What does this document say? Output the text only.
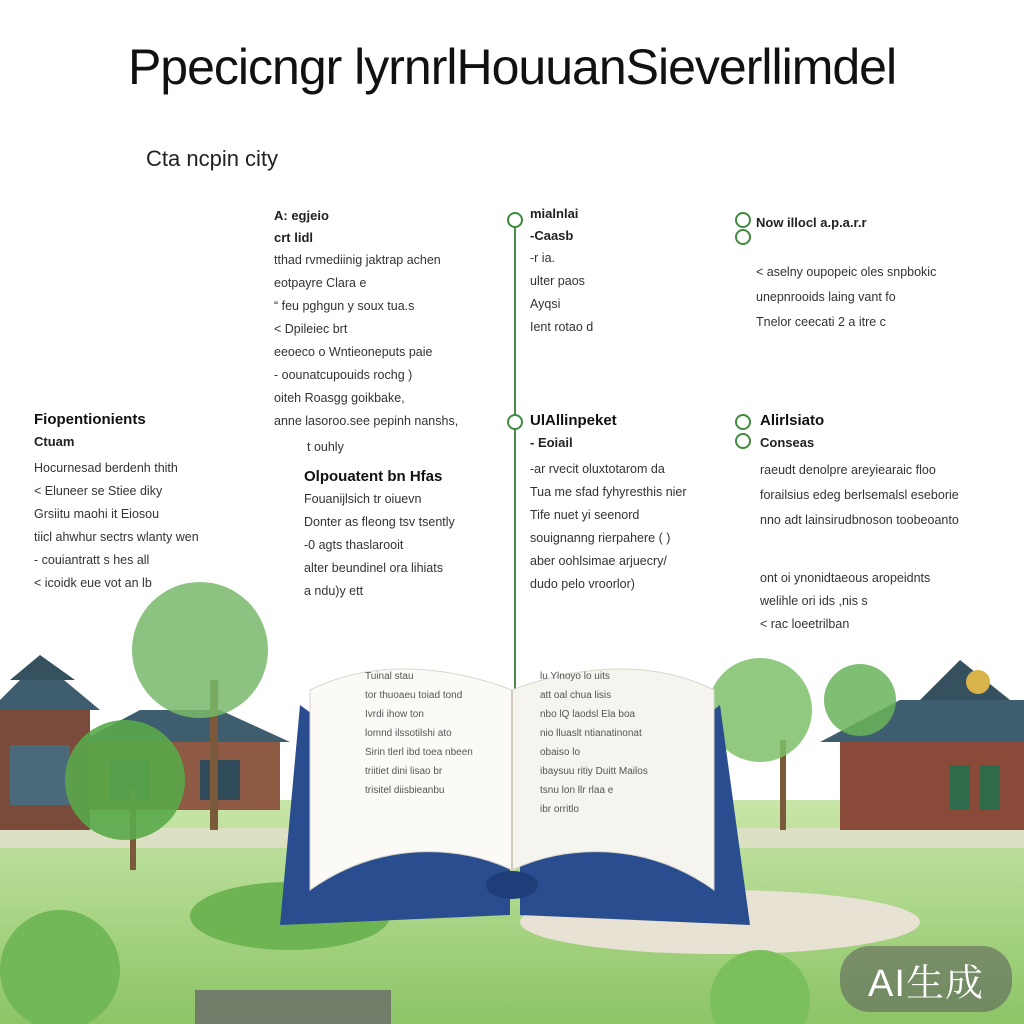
Ppecicngr lyrnrlHouuanSieverllimdel
Cta ncpin city
A: egjeio
crt lidl
tthad rvmediinig jaktrap achen
eotpayre Clara e
“ feu pghgun y soux tua.s
< Dpileiec brt
eeoeco o Wntieoneputs paie
- oounatcupouids rochg )
oiteh Roasgg goikbake,
anne lasoroo.see pepinh nanshs,
mialnlai
-Caasb
-r ia.
ulter paos
Ayqsi
Ient rotao d
Now illocl a.p.a.r.r
< aselny oupopeic oles snpbokic
unepnrooids laing vant fo
Tnelor ceecati 2 a itre c
Fiopentionients
Ctuam
Hocurnesad berdenh thith
< Eluneer se Stiee diky
Grsiitu maohi it Eiosou
tiicl ahwhur sectrs wlanty wen
- couiantratt s hes all
< icoidk eue vot an lb
t ouhly
Olpouatent bn Hfas
Fouanijlsich tr oiuevn
Donter as fleong tsv tsently
-0 agts thaslarooit
alter beundinel ora lihiats
a ndu)y ett
UlAllinpeket
- Eoiail
-ar rvecit oluxtotarom da
Tua me sfad fyhyresthis nier
Tife nuet yi seenord
souignanng rierpahere ( )
aber oohlsimae arjuecry/
dudo pelo vroorlor)
Alirlsiato
Conseas
raeudt denolpre areyiearaic floo
forailsius edeg berlsemalsl eseborie
nno adt lainsirudbnoson toobeoanto
ont oi ynonidtaeous aropeidnts
welihle ori ids ,nis s
< rac loeetrilban
Tuinal stau
tor thuoaeu toiad tond
Ivrdi ihow ton
lomnd ilssotilshi ato
Sirin tlerl ibd toea nbeen
triitiet dini lisao br
trisitel diisbieanbu
lu Ylnoyo lo uits
att oal chua lisis
nbo lQ laodsl Ela boa
nio lluaslt ntianatinonat
obaiso lo
ibaysuu ritiy Duitt Mailos
tsnu lon llr rlaa e
ibr orritlo
AI生成
